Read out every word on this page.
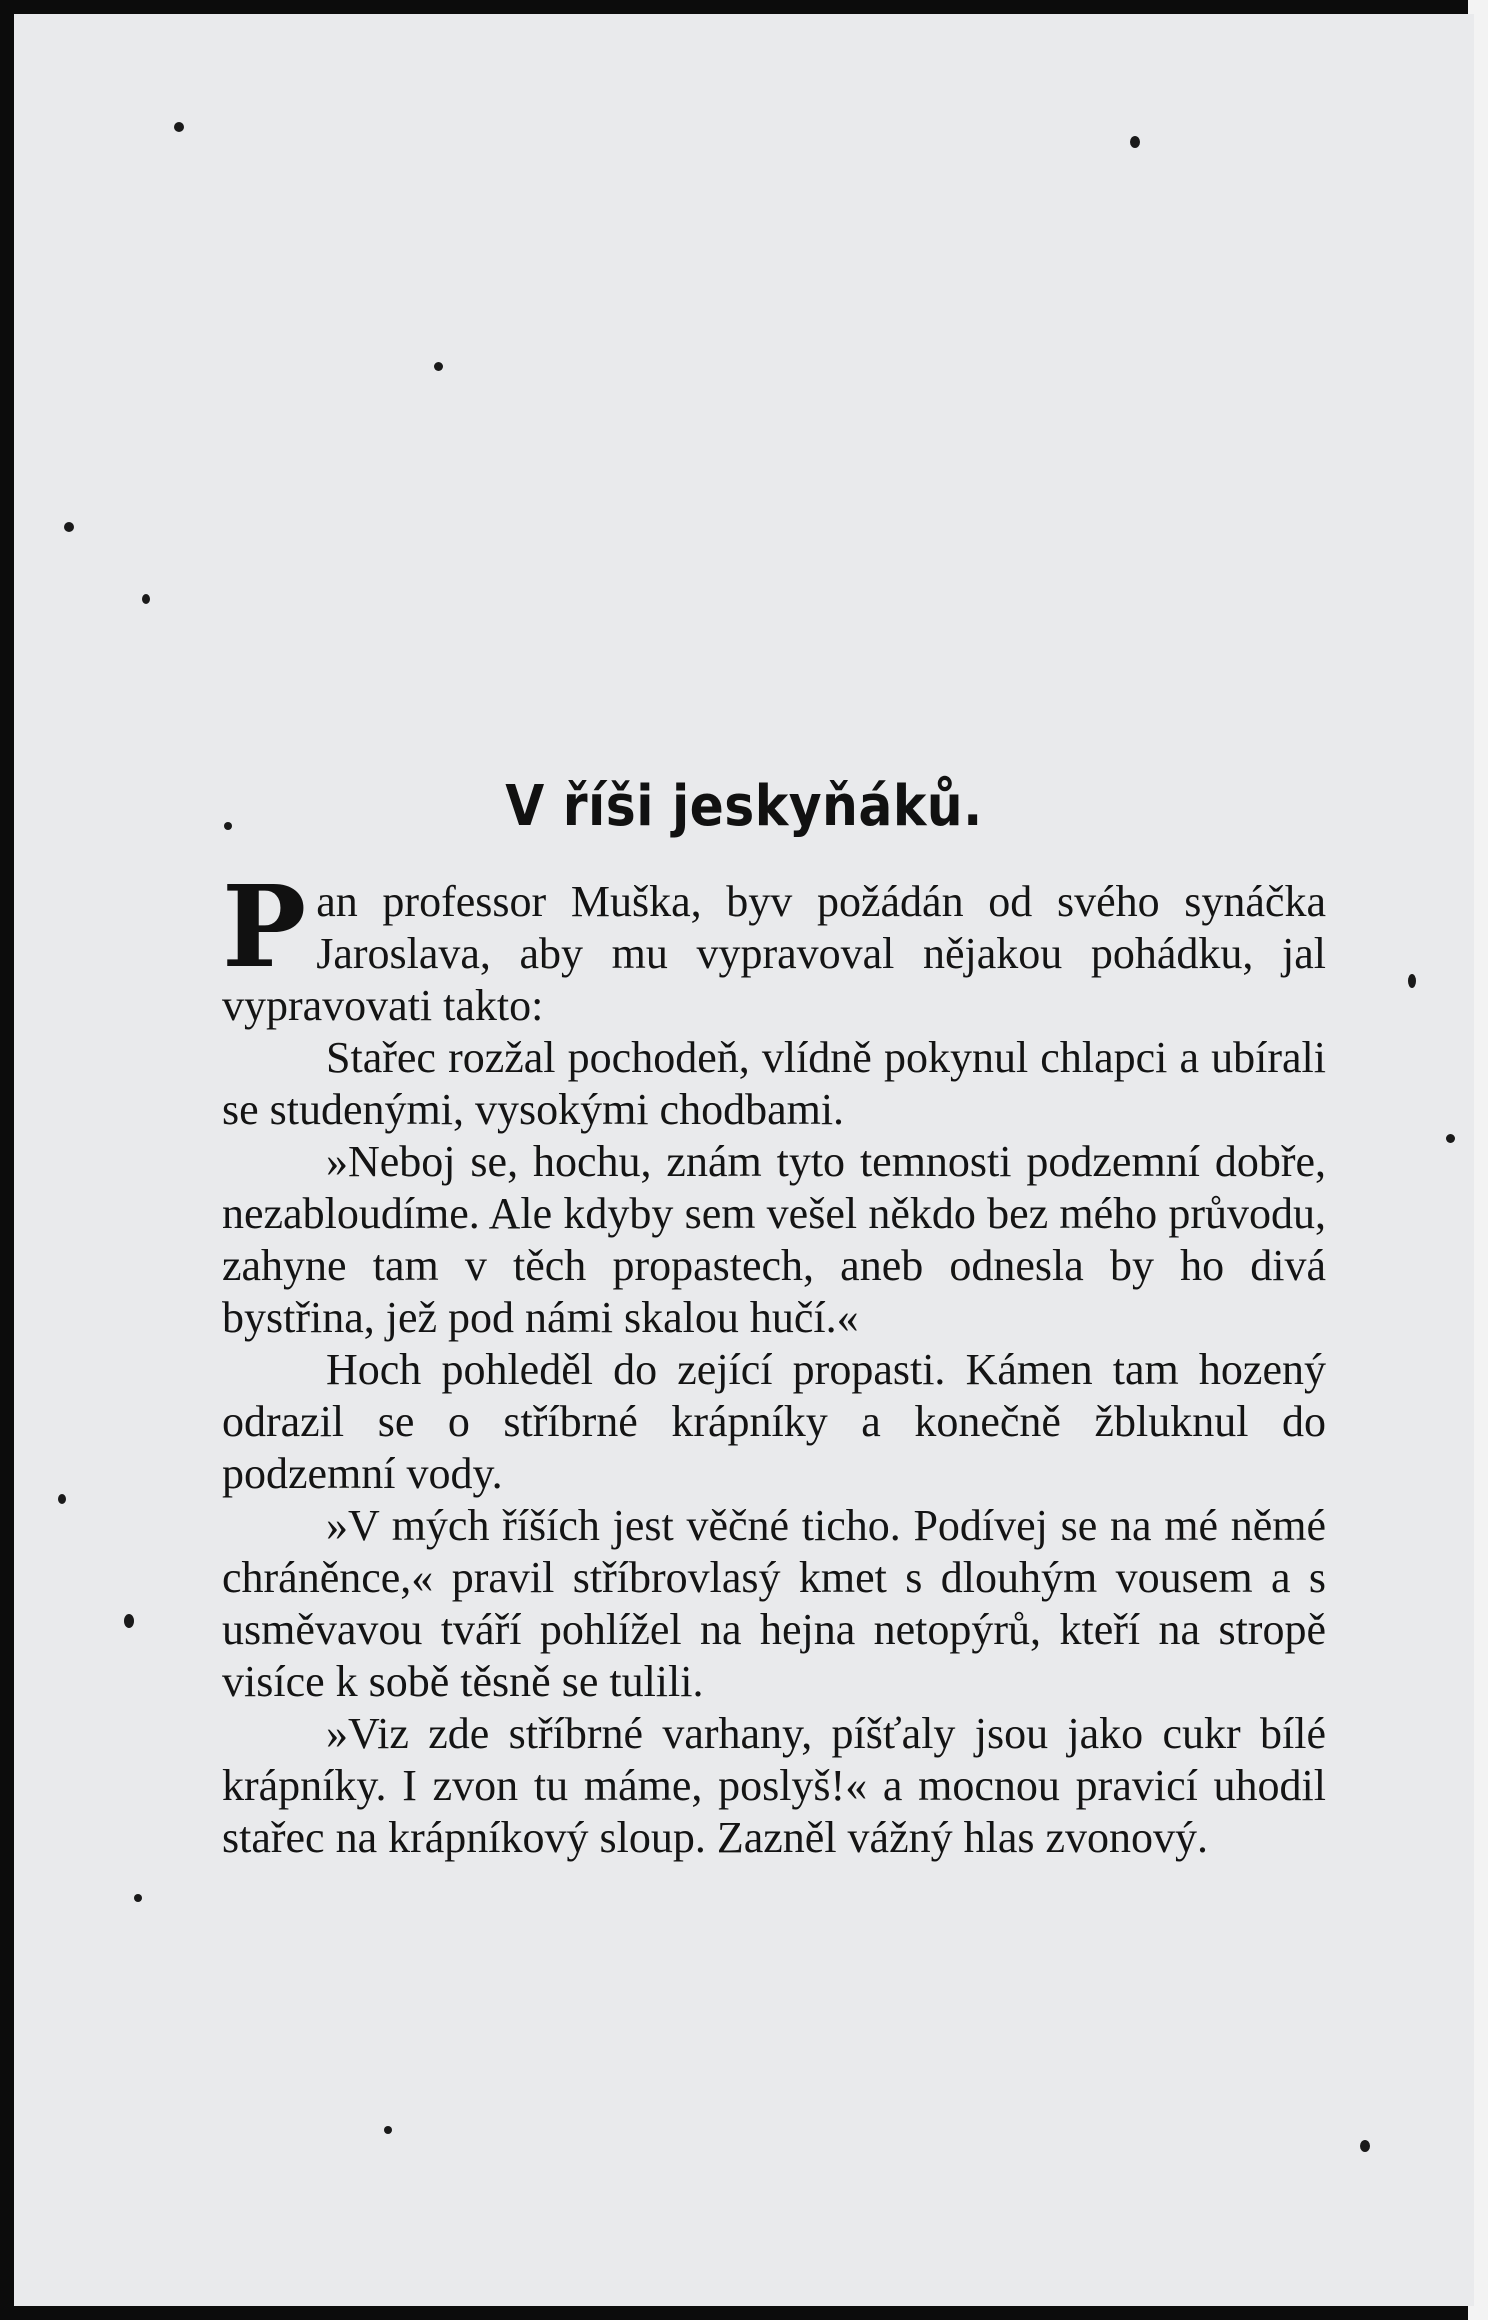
V říši jeskyňáků.

Pan professor Muška, byv požádán od svého synáčka Jaroslava, aby mu vypravoval nějakou pohádku, jal vypravovati takto:

Stařec rozžal pochodeň, vlídně pokynul chlapci a ubírali se studenými, vysokými chodbami.

»Neboj se, hochu, znám tyto temnosti podzemní dobře, nezabloudíme. Ale kdyby sem vešel někdo bez mého průvodu, zahyne tam v těch propastech, aneb odnesla by ho divá bystřina, jež pod námi skalou hučí.«

Hoch pohleděl do zející propasti. Kámen tam hozený odrazil se o stříbrné krápníky a konečně žbluknul do podzemní vody.

»V mých říších jest věčné ticho. Podívej se na mé němé chráněnce,« pravil stříbrovlasý kmet s dlouhým vousem a s usměvavou tváří pohlížel na hejna netopýrů, kteří na stropě visíce k sobě těsně se tulili.

»Viz zde stříbrné varhany, píšťaly jsou jako cukr bílé krápníky. I zvon tu máme, poslyš!« a mocnou pravicí uhodil stařec na krápníkový sloup. Zazněl vážný hlas zvonový.
